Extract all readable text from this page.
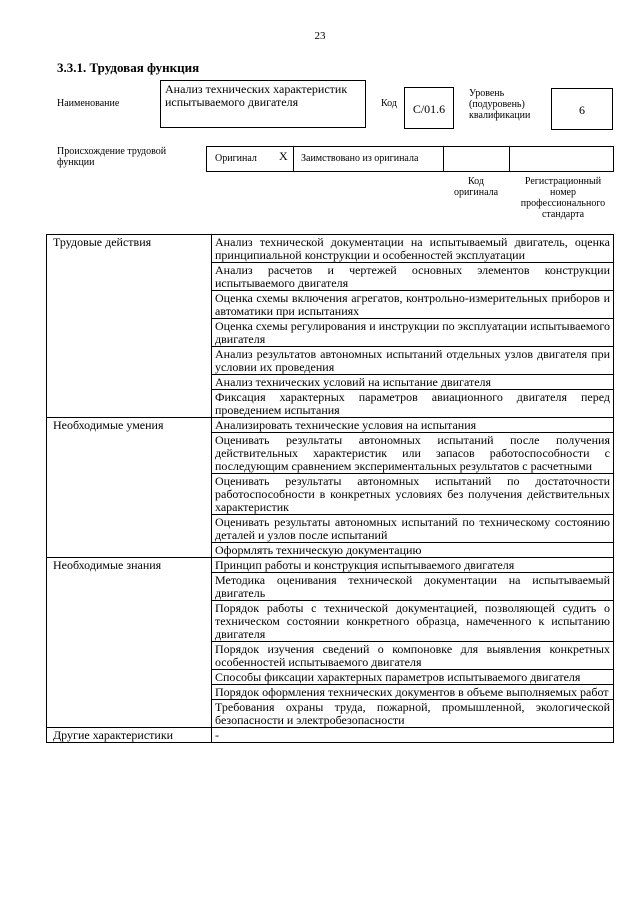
23
3.3.1. Трудовая функция
Наименование
Анализ технических характеристик испытываемого двигателя	Код	С/01.6
Уровень (подуровень) квалификации	6
Происхождение трудовой функции	Оригинал X Заимствовано из оригинала
Код оригинала
Регистрационный номер профессионального стандарта
Трудовые действия	Анализ технической документации на испытываемый двигатель, оценка принципиальной конструкции и особенностей эксплуатации
	Анализ расчетов и чертежей основных элементов конструкции испытываемого двигателя
	Оценка схемы включения агрегатов, контрольно-измерительных приборов и автоматики при испытаниях
	Оценка схемы регулирования и инструкции по эксплуатации испытываемого двигателя
	Анализ результатов автономных испытаний отдельных узлов двигателя при условии их проведения
	Анализ технических условий на испытание двигателя
	Фиксация характерных параметров авиационного двигателя перед проведением испытания
Необходимые умения	Анализировать технические условия на испытания
	Оценивать результаты автономных испытаний после получения действительных характеристик или запасов работоспособности с последующим сравнением экспериментальных результатов с расчетными
	Оценивать результаты автономных испытаний по достаточности работоспособности в конкретных условиях без получения действительных характеристик
	Оценивать результаты автономных испытаний по техническому состоянию деталей и узлов после испытаний
	Оформлять техническую документацию
Необходимые знания	Принцип работы и конструкция испытываемого двигателя
	Методика оценивания технической документации на испытываемый двигатель
	Порядок работы с технической документацией, позволяющей судить о техническом состоянии конкретного образца, намеченного к испытанию двигателя
	Порядок изучения сведений о компоновке для выявления конкретных особенностей испытываемого двигателя
	Способы фиксации характерных параметров испытываемого двигателя
	Порядок оформления технических документов в объеме выполняемых работ
	Требования охраны труда, пожарной, промышленной, экологической безопасности и электробезопасности
Другие характеристики	-
